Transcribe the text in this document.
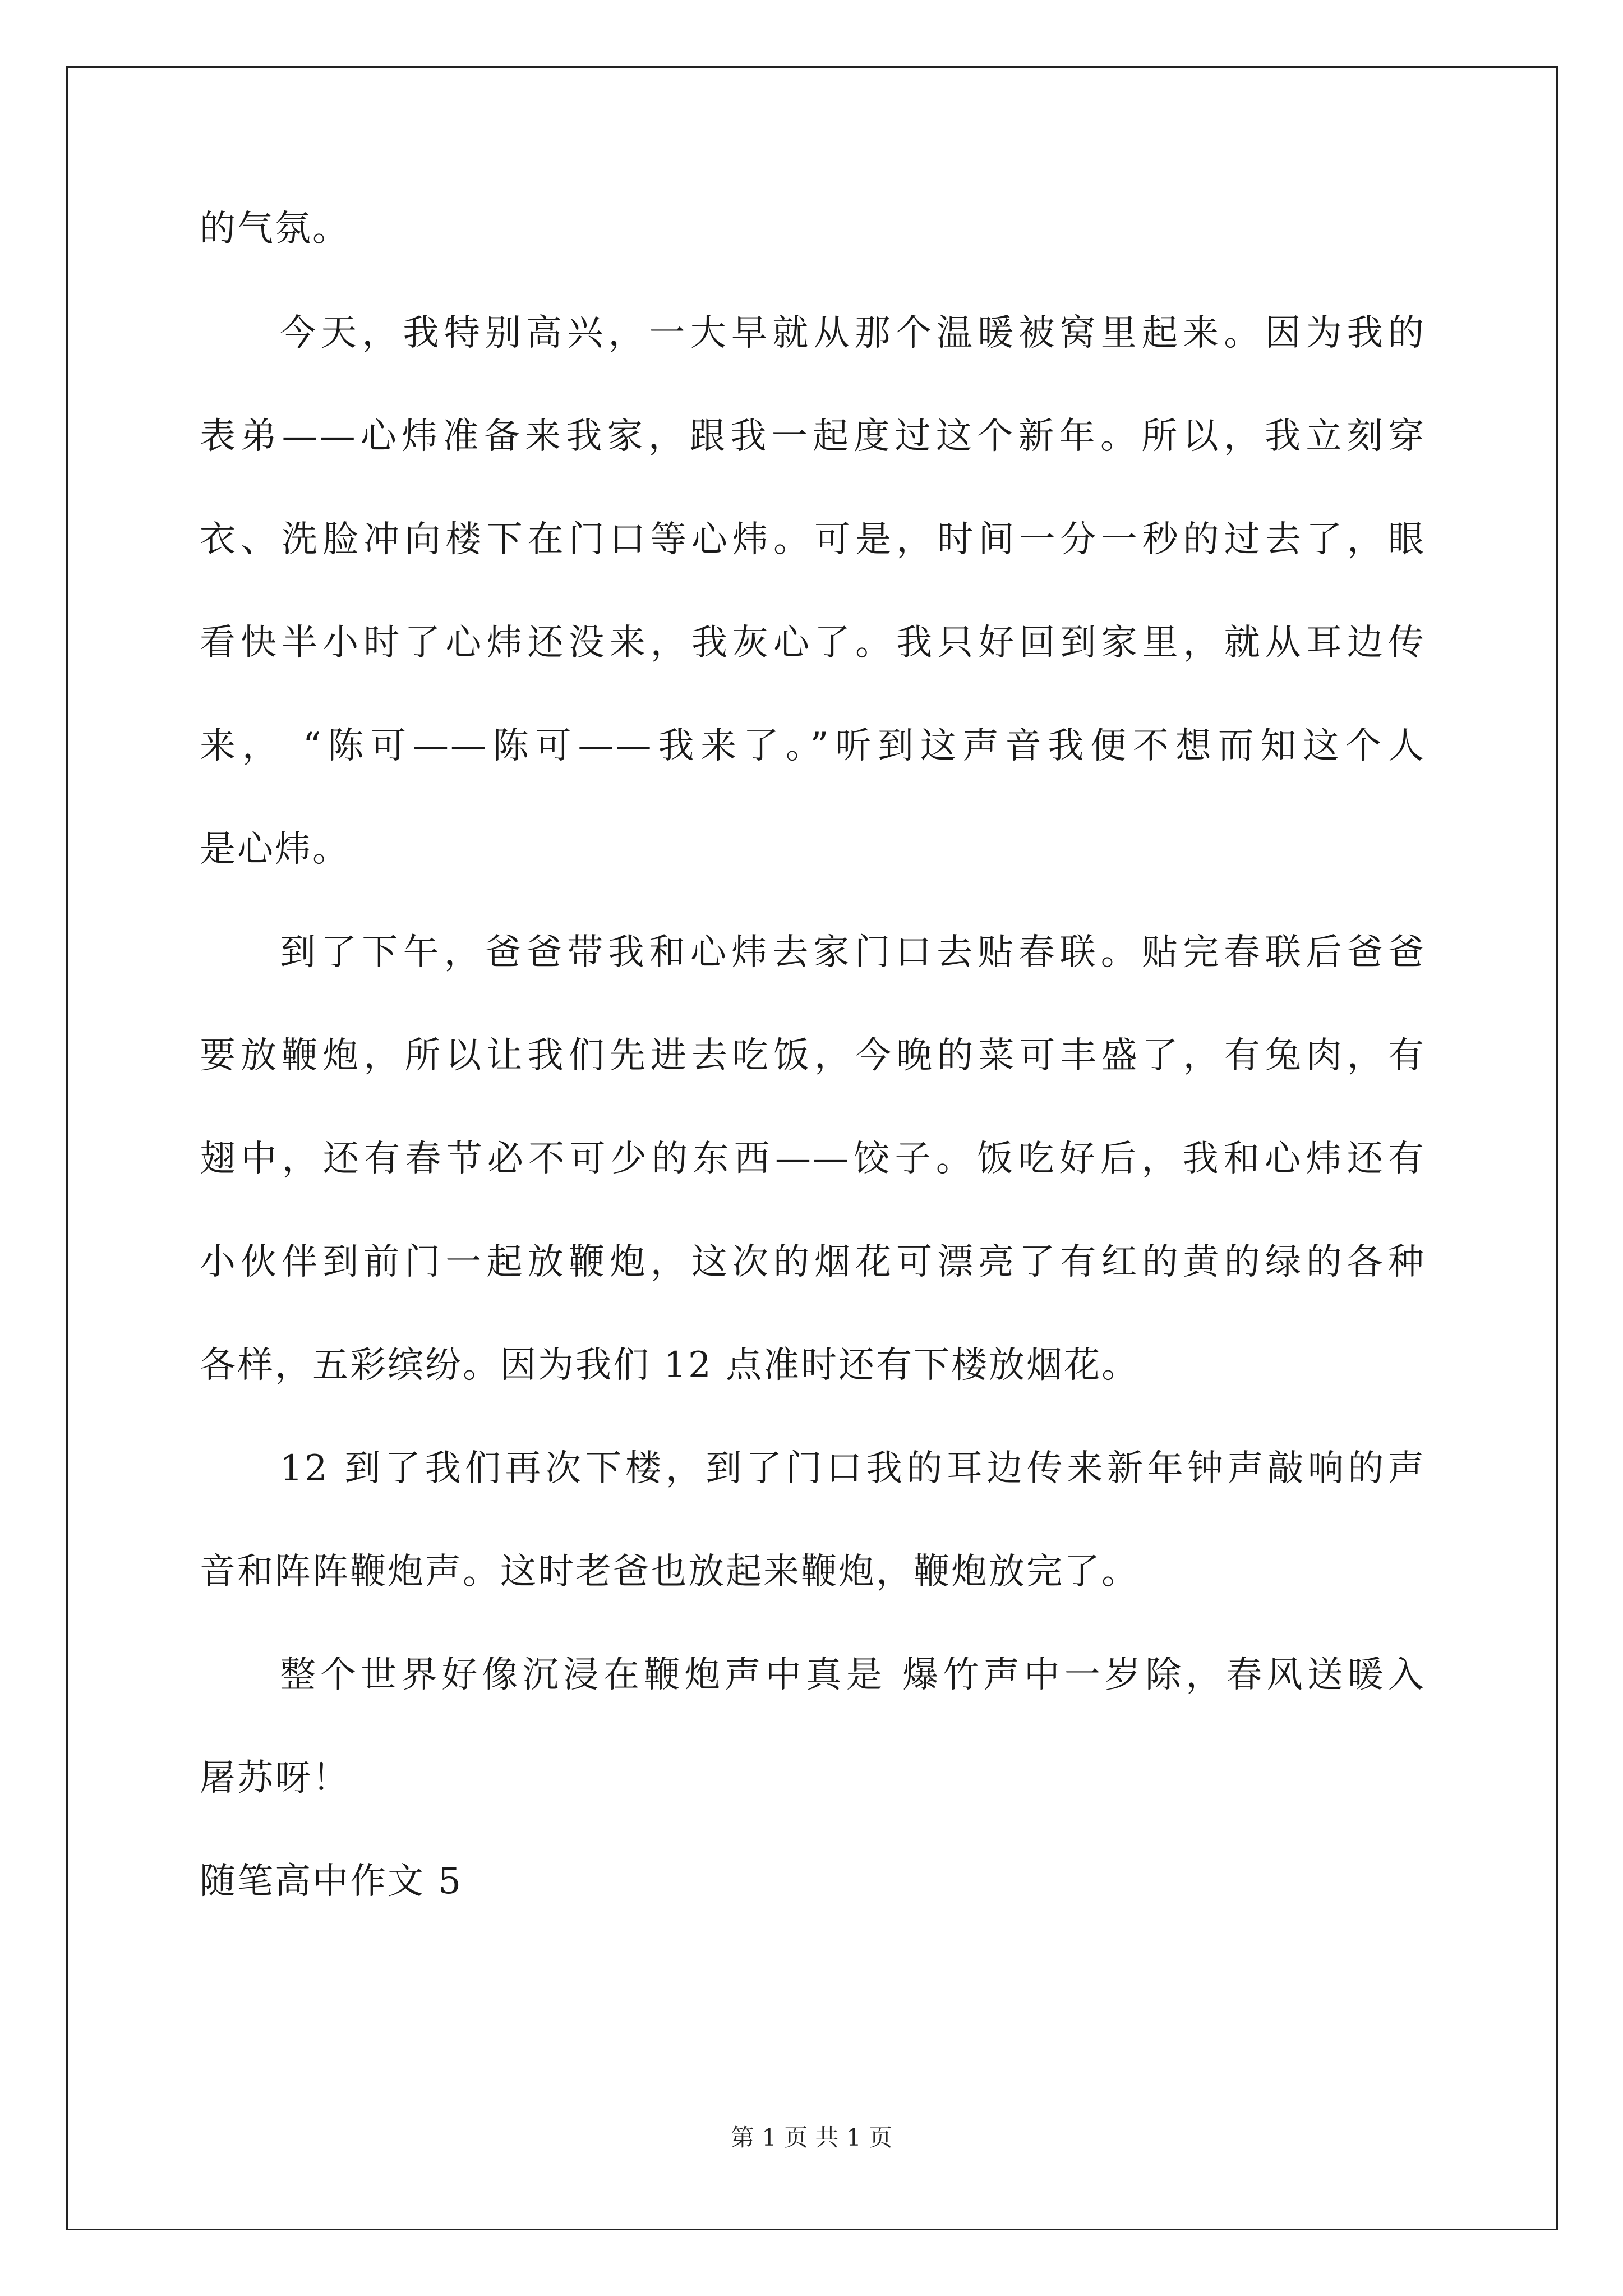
的气氛。

今天，我特别高兴，一大早就从那个温暖被窝里起来。因为我的

表弟——心炜准备来我家，跟我一起度过这个新年。所以，我立刻穿

衣、洗脸冲向楼下在门口等心炜。可是，时间一分一秒的过去了，眼

看快半小时了心炜还没来，我灰心了。我只好回到家里，就从耳边传

来， “陈可——陈可——我来了。”听到这声音我便不想而知这个人

是心炜。

到了下午，爸爸带我和心炜去家门口去贴春联。贴完春联后爸爸

要放鞭炮，所以让我们先进去吃饭，今晚的菜可丰盛了，有兔肉，有

翅中，还有春节必不可少的东西——饺子。饭吃好后，我和心炜还有

小伙伴到前门一起放鞭炮，这次的烟花可漂亮了有红的黄的绿的各种

各样，五彩缤纷。因为我们 12 点准时还有下楼放烟花。

12 到了我们再次下楼，到了门口我的耳边传来新年钟声敲响的声

音和阵阵鞭炮声。这时老爸也放起来鞭炮，鞭炮放完了。

整个世界好像沉浸在鞭炮声中真是 爆竹声中一岁除，春风送暖入

屠苏呀！

随笔高中作文 5

第 1 页 共 1 页
